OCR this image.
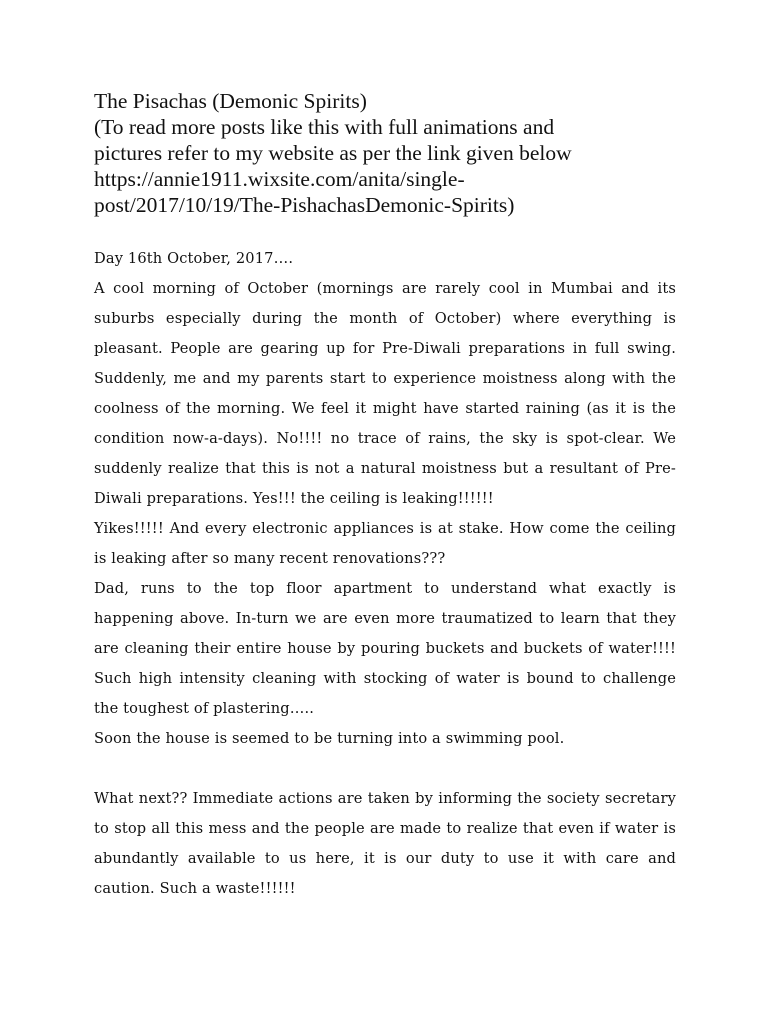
The Pisachas (Demonic Spirits)
(To read more posts like this with full animations and
pictures refer to my website as per the link given below
https://annie1911.wixsite.com/anita/single-
post/2017/10/19/The-PishachasDemonic-Spirits)

Day 16th October, 2017….

A cool morning of October (mornings are rarely cool in Mumbai and its suburbs especially during the month of October) where everything is pleasant. People are gearing up for Pre-Diwali preparations in full swing. Suddenly, me and my parents start to experience moistness along with the coolness of the morning. We feel it might have started raining (as it is the condition now-a-days). No!!!! no trace of rains, the sky is spot-clear. We suddenly realize that this is not a natural moistness but a resultant of Pre-Diwali preparations. Yes!!! the ceiling is leaking!!!!!!

Yikes!!!!! And every electronic appliances is at stake. How come the ceiling is leaking after so many recent renovations???

Dad, runs to the top floor apartment to understand what exactly is happening above. In-turn we are even more traumatized to learn that they are cleaning their entire house by pouring buckets and buckets of water!!!! Such high intensity cleaning with stocking of water is bound to challenge the toughest of plastering…..

Soon the house is seemed to be turning into a swimming pool.

What next?? Immediate actions are taken by informing the society secretary to stop all this mess and the people are made to realize that even if water is abundantly available to us here, it is our duty to use it with care and caution. Such a waste!!!!!!
